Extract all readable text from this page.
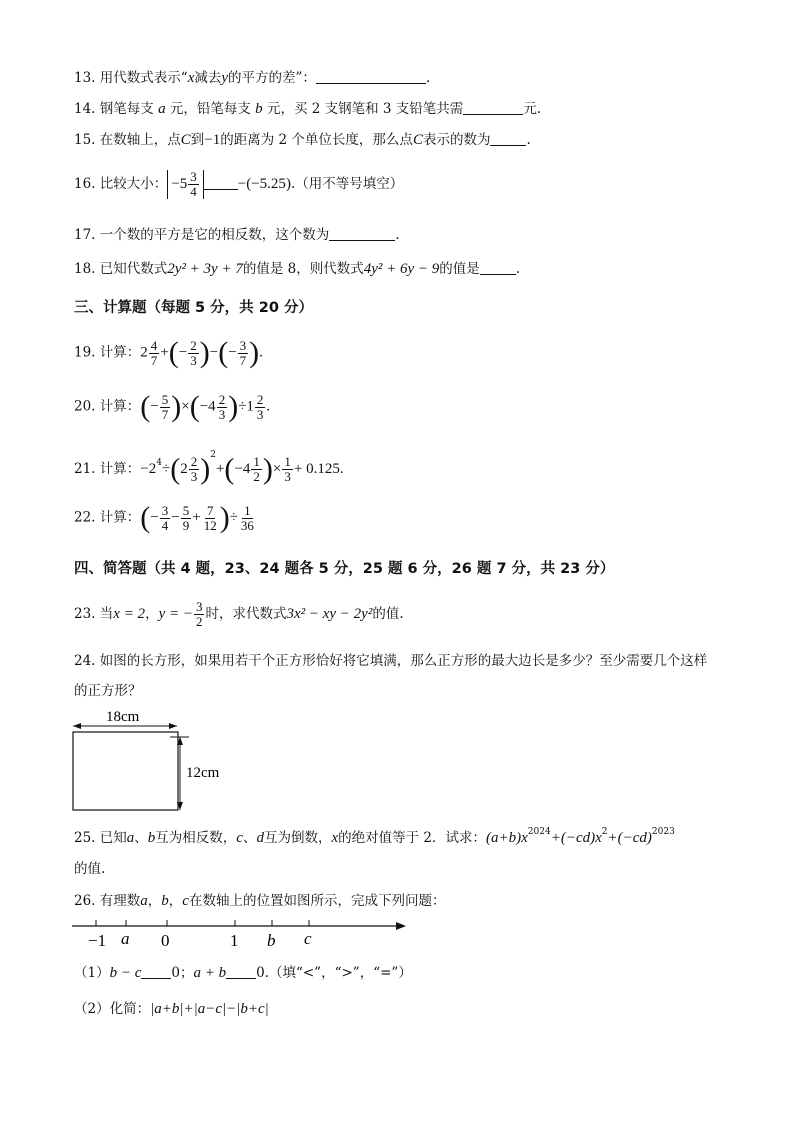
13. 用代数式表示“x减去y的平方的差”：	.
14. 钢笔每支 a 元，铅笔每支 b 元，买 2 支钢笔和 3 支铅笔共需	元.
15. 在数轴上，点C到−1的距离为 2 个单位长度，那么点C表示的数为	.
16. 比较大小： $-5 \frac{3}{4}$	−(−5.25).（用不等号填空）
17. 一个数的平方是它的相反数，这个数为	.
18. 已知代数式2y² + 3y + 7的值是 8，则代数式4y² + 6y − 9的值是	.
三、计算题（每题 5 分，共 20 分）
19. 计算：$2 \frac{4}{7}$ +(− $\frac{2}{3}$ )−(− $\frac{3}{7}$ ).
20. 计算：(− $\frac{5}{7} )\times(-4 \frac{2}{3} )\div 1 \frac{2}{3}$ .
21. 计算：$-2^4\div(2 \frac{2}{3} )^2+(-4 \frac{1}{2}$ )× $\frac{1}{3} + 0.125$.
22. 计算：(− $\frac{3}{4} - \frac{5}{9} + \frac{7}{12}$ )÷ $\frac{1}{36}$
四、简答题（共 4 题，23、24 题各 5 分，25 题 6 分，26 题 7 分，共 23 分）
23. 当x = 2，y = − $\frac{3}{2}$ 时，求代数式3x² − xy − 2y²的值.
24. 如图的长方形，如果用若干个正方形恰好将它填满，那么正方形的最大边长是多少？至少需要几个这样
的正方形？
18cm
12cm
25. 已知a、b互为相反数，c、d互为倒数，x的绝对值等于 2．试求：$(a+b)x^{2024}+(-cd)x^2+(-cd)^{2023}$
的值.
26. 有理数a，b，c在数轴上的位置如图所示，完成下列问题：
−1 a 0	1 b c
（1）b − c 0；a + b 0.（填“<”，“>”，“=”）
（2）化简：|a+b|+|a−c|−|b+c|
